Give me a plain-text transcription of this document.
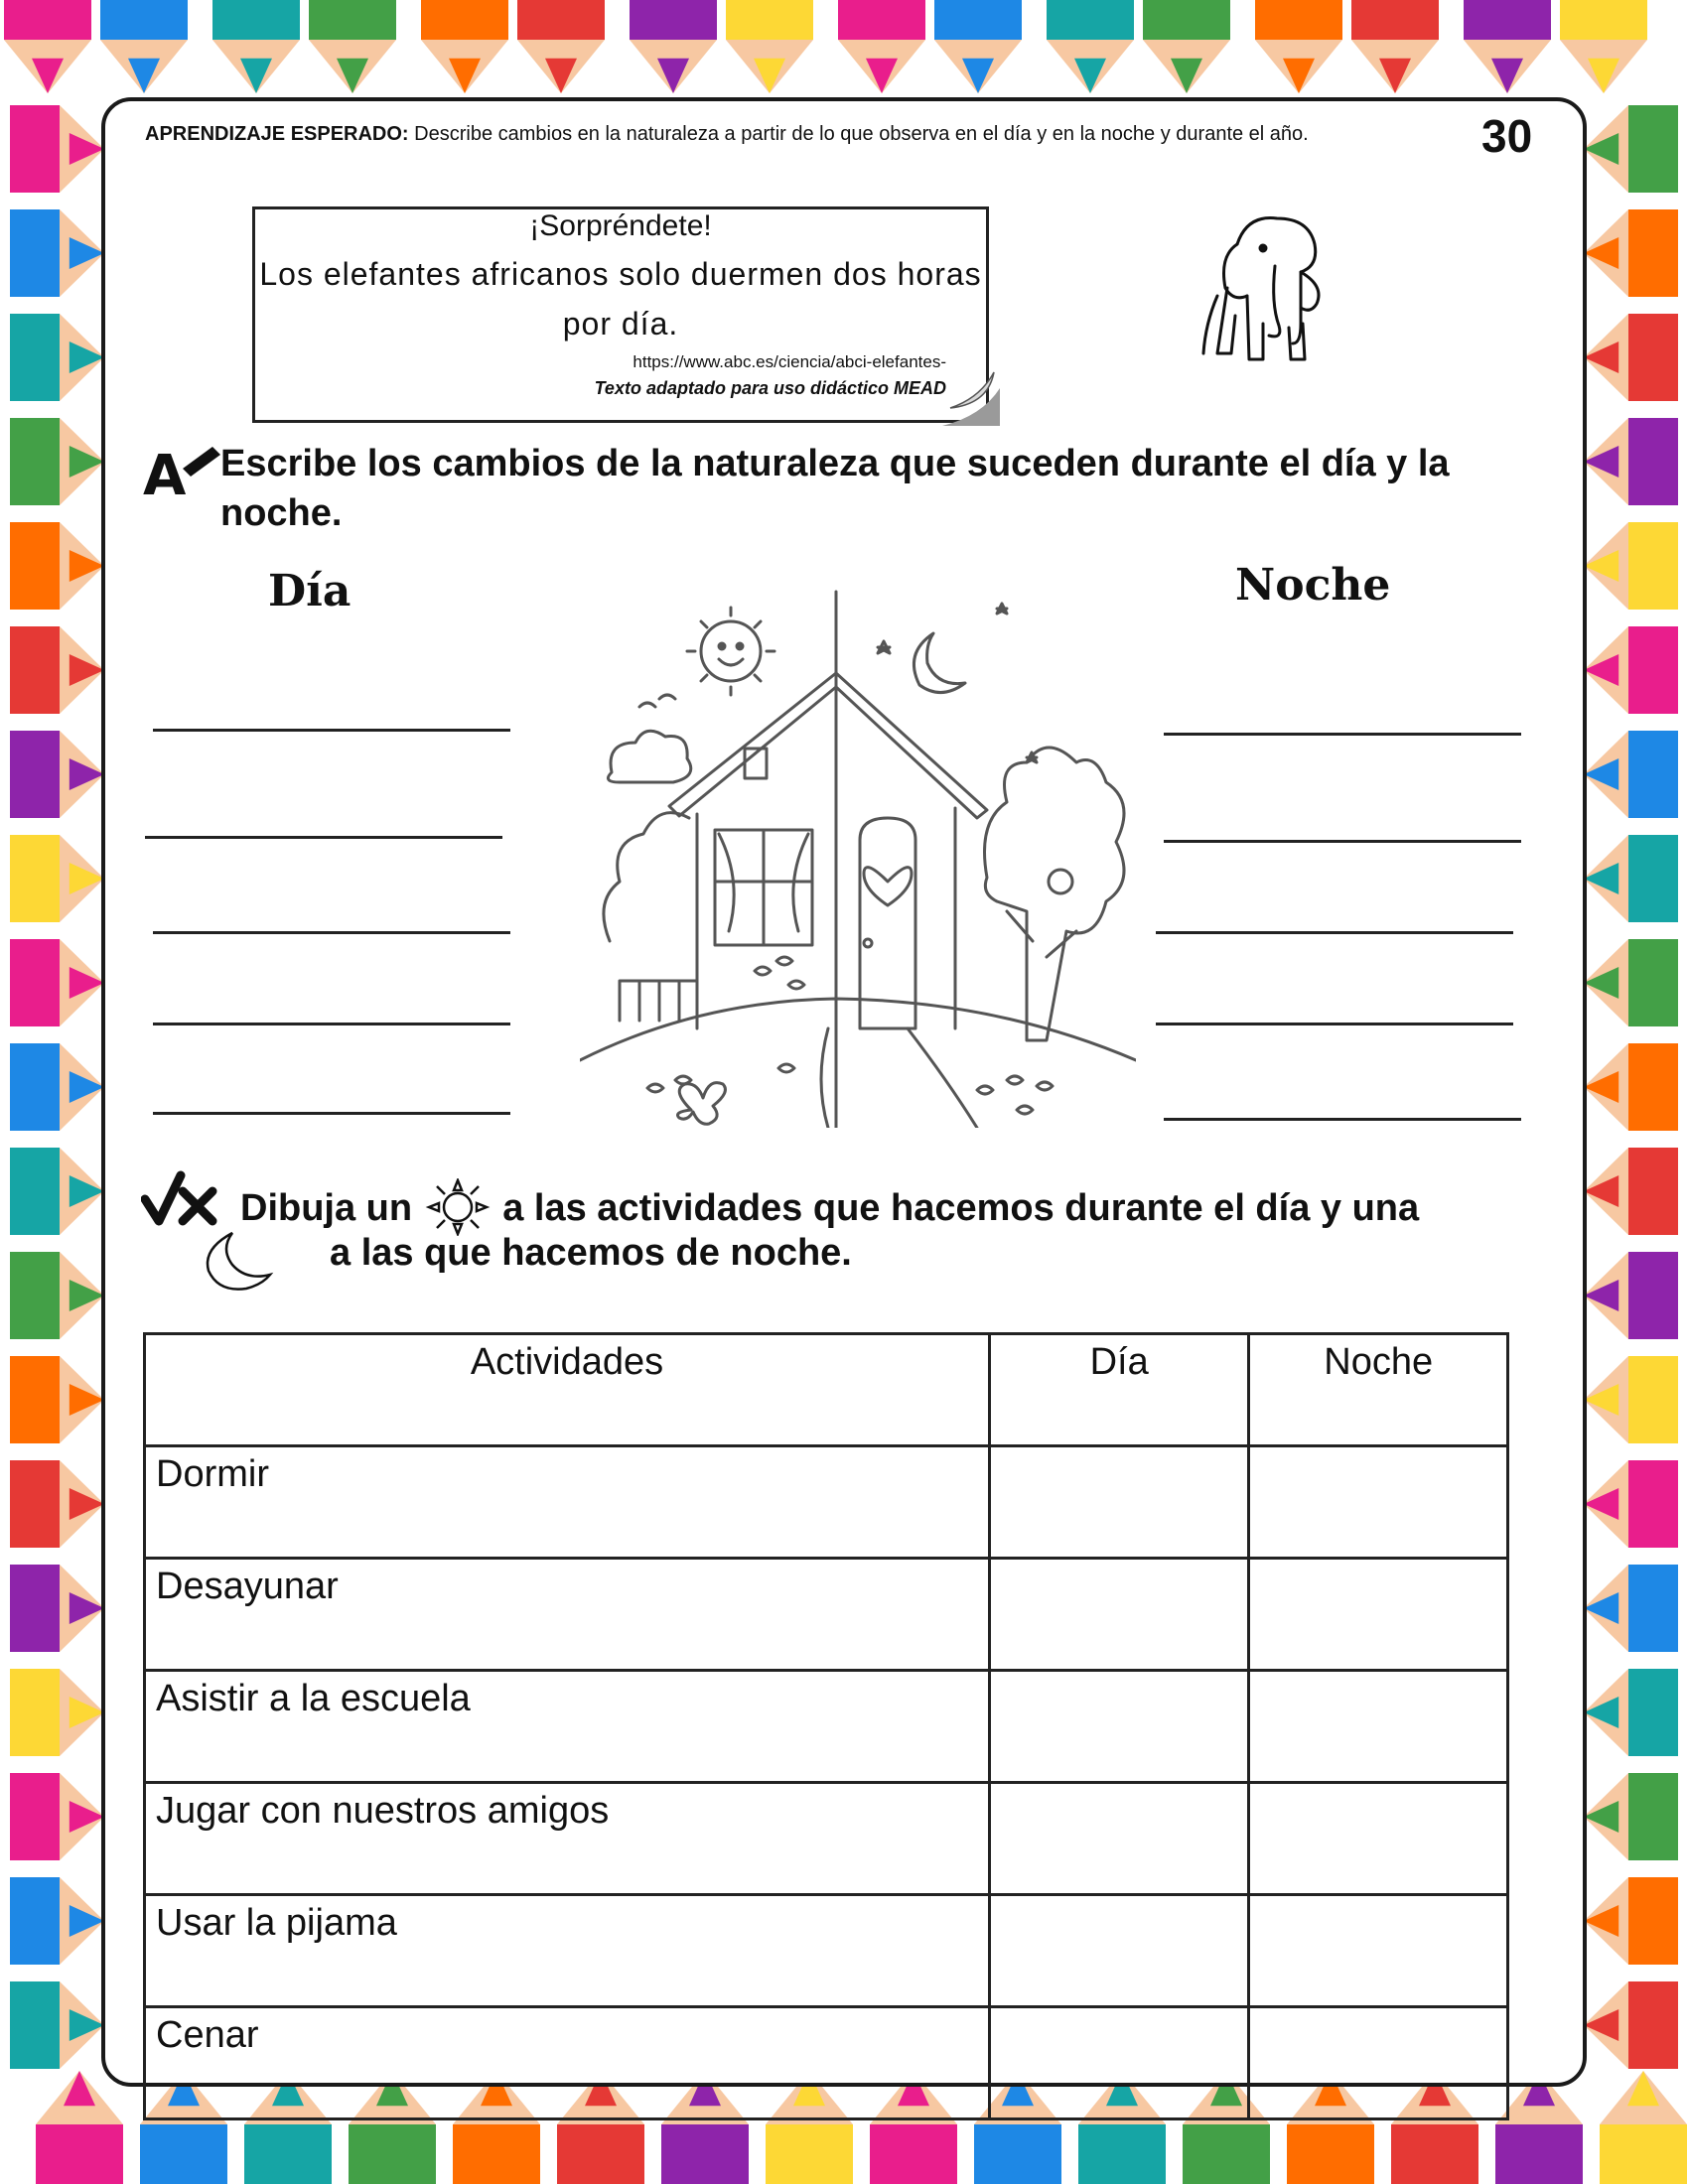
APRENDIZAJE ESPERADO: Describe cambios en la naturaleza a partir de lo que observa en el día y en la noche y durante el año.	30
¡Sorpréndete!
Los elefantes africanos solo duermen dos horas por día.
https://www.abc.es/ciencia/abci-elefantes-
Texto adaptado para uso didáctico MEAD
A Escribe los cambios de la naturaleza que suceden durante el día y la noche.
Día	Noche
Dibuja un a las actividades que hacemos durante el día y una
a las que hacemos de noche.
Actividades	Día	Noche
Dormir		
Desayunar		
Asistir a la escuela		
Jugar con nuestros amigos		
Usar la pijama		
Cenar		
